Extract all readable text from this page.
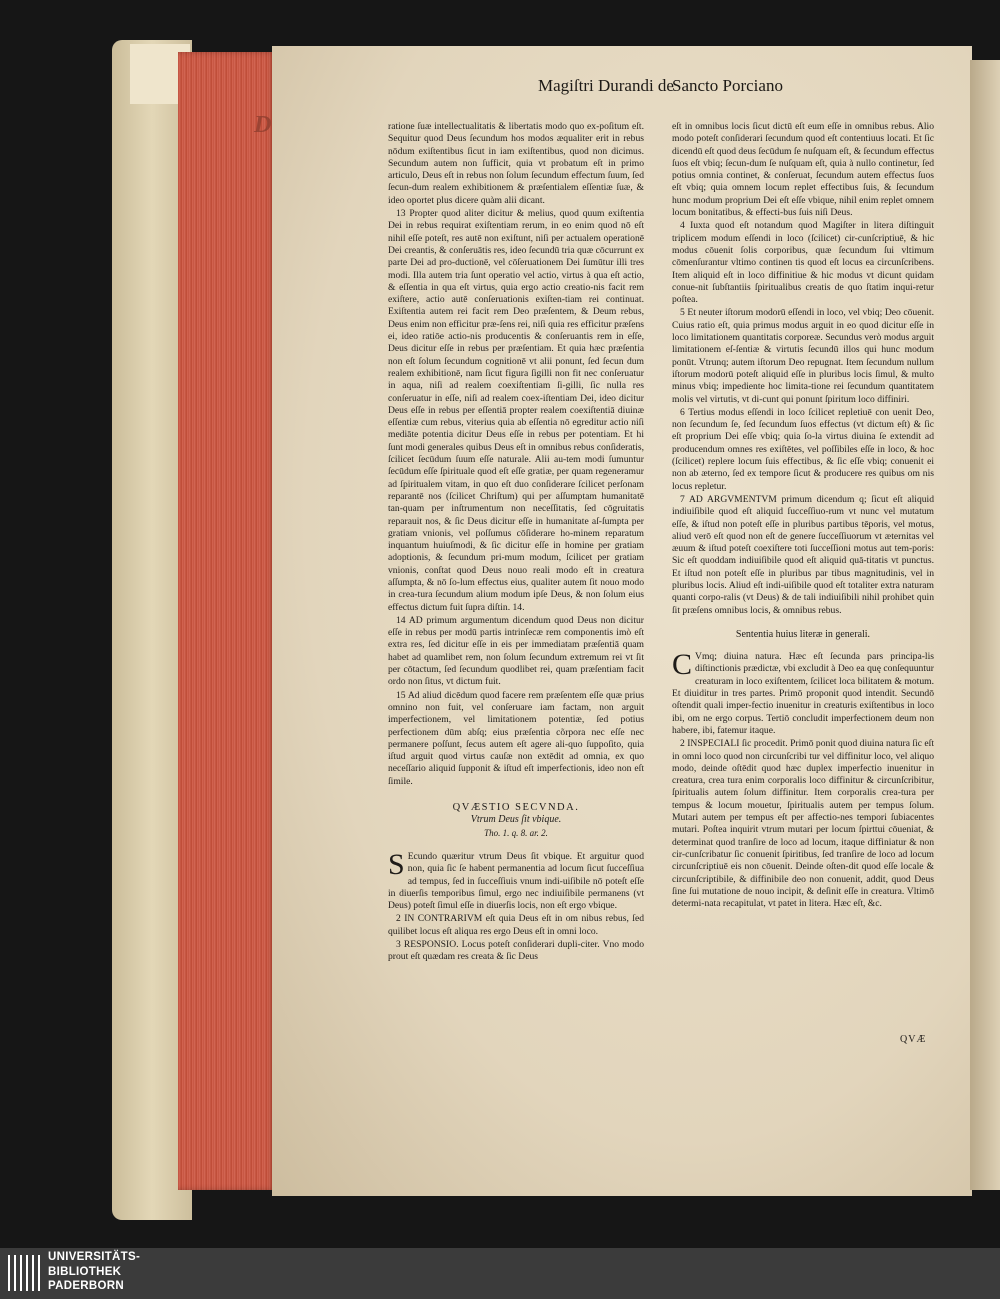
D
Magiſtri Durandi de
Sancto Porciano

ratione ſuæ intellectualitatis & libertatis modo quo ex-poſitum eſt. Sequitur quod Deus ſecundum hos modos æqualiter erit in rebus nōdum exiſtentibus ſicut in iam exiſtentibus, quod non dicimus. Secundum autem non ſufficit, quia vt probatum eſt in primo articulo, Deus eſt in rebus non ſolum ſecundum effectum ſuum, ſed ſecun-dum realem exhibitionem & præſentialem eſſentiæ ſuæ, & ideo oportet plus dicere quàm alii dicant.

13 Propter quod aliter dicitur & melius, quod quum exiſtentia Dei in rebus requirat exiſtentiam rerum, in eo enim quod nō eſt nihil eſſe poteſt, res autē non exiſtunt, niſi per actualem operationē Dei creantis, & conſeruātis res, ideo ſecundū tria quæ cōcurrunt ex parte Dei ad pro-ductionē, vel cōſeruationem Dei ſumūtur illi tres modi. Illa autem tria ſunt operatio vel actio, virtus à qua eſt actio, & eſſentia in qua eſt virtus, quia ergo actio creatio-nis facit rem exiſtere, actio autē conſeruationis exiſten-tiam rei continuat. Exiſtentia autem rei facit rem Deo præſentem, & Deum rebus, Deus enim non efficitur præ-ſens rei, niſi quia res efficitur præſens ei, ideo ratiōe actio-nis producentis & conſeruantis rem in eſſe, Deus dicitur eſſe in rebus per præſentiam. Et quia hæc præſentia non eſt ſolum ſecundum cognitionē vt alii ponunt, ſed ſecun dum realem exhibitionē, nam ſicut figura ſigilli non fit nec conſeruatur in aqua, niſi ad realem coexiſtentiam ſi-gilli, ſic nulla res conſeruatur in eſſe, niſi ad realem coex-iſtentiam Dei, ideo dicitur Deus eſſe in rebus per eſſentiā propter realem coexiſtentiā diuinæ eſſentiæ cum rebus, viterius quia ab eſſentia nō egreditur actio niſi mediāte potentia dicitur Deus eſſe in rebus per potentiam. Et hi ſunt modi generales quibus Deus eſt in omnibus rebus conſideratis, ſcilicet ſecūdum ſuum eſſe naturale. Alii au-tem modi ſumuntur ſecūdum eſſe ſpirituale quod eſt eſſe gratiæ, per quam regeneramur ad ſpiritualem vitam, in quo eſt duo conſiderare ſcilicet perſonam reparantē nos (ſcilicet Chriſtum) qui per aſſumptam humanitatē tan-quam per inſtrumentum non neceſſitatis, ſed cōgruitatis reparauit nos, & ſic Deus dicitur eſſe in humanitate aſ-ſumpta per gratiam vnionis, vel poſſumus cōſiderare ho-minem reparatum inquantum huiuſmodi, & ſic dicitur eſſe in homine per gratiam adoptionis, & ſecundum pri-mum modum, ſcilicet per gratiam vnionis, conſtat quod Deus nouo reali modo eſt in creatura aſſumpta, & nō ſo-lum effectus eius, qualiter autem ſit nouo modo in crea-tura ſecundum alium modum ipſe Deus, & non ſolum eius effectus dictum fuit ſupra diſtin. 14.

14 AD primum argumentum dicendum quod Deus non dicitur eſſe in rebus per modū partis intrinſecæ rem componentis imò eſt extra res, ſed dicitur eſſe in eis per immediatam præſentiā quam habet ad quamlibet rem, non ſolum ſecundum extremum rei vt ſit per cōtactum, ſed ſecundum quodlibet rei, quam præſentiam facit ordo non ſitus, vt dictum fuit.

15 Ad aliud dicēdum quod facere rem præſentem eſſe quæ prius omnino non fuit, vel conſeruare iam factam, non arguit imperfectionem, vel limitationem potentiæ, ſed potius perfectionem dūm abſq; eius præſentia cõrpora nec eſſe nec permanere poſſunt, ſecus autem eſt agere ali-quo ſuppoſito, quia iſtud arguit quod virtus cauſæ non extēdit ad omnia, ex quo neceſſario aliquid ſupponit & iſtud eſt imperfectionis, ideo non eſt ſimile.

QVÆSTIO SECVNDA.
Vtrum Deus ſit vbique.
Tho. 1. q. 8. ar. 2.

S Ecundo quæritur vtrum Deus ſit vbique. Et arguitur quod non, quia ſic ſe habent permanentia ad locum ſicut ſucceſſiua ad tempus, ſed in ſucceſſiuis vnum indi-uiſibile nō poteſt eſſe in diuerſis temporibus ſimul, ergo nec indiuiſibile permanens (vt Deus) poteſt ſimul eſſe in diuerſis locis, non eſt ergo vbique.

2 IN CONTRARIVM eſt quia Deus eſt in om nibus rebus, ſed quilibet locus eſt aliqua res ergo Deus eſt in omni loco.

3 RESPONSIO. Locus poteſt conſiderari dupli-citer. Vno modo prout eſt quædam res creata & ſic Deus

eſt in omnibus locis ſicut dictū eſt eum eſſe in omnibus rebus. Alio modo poteſt conſiderari ſecundum quod eſt contentiuus locati. Et ſic dicendū eſt quod deus ſecūdum ſe nuſquam eſt, & ſecundum effectus ſuos eſt vbiq; ſecun-dum ſe nuſquam eſt, quia à nullo continetur, ſed potius omnia continet, & conſeruat, ſecundum autem effectus ſuos eſt vbiq; quia omnem locum replet effectibus ſuis, & ſecundum hunc modum proprium Dei eſt eſſe vbique, nihil enim replet omnem locum bonitatibus, & effecti-bus ſuis niſi Deus.

4 Iuxta quod eſt notandum quod Magiſter in litera diſtinguit triplicem modum eſſendi in loco (ſcilicet) cir-cunſcriptiuē, & hic modus cōuenit ſolis corporibus, quæ ſecundum ſui vltimum cōmenſurantur vltimo continen tis quod eſt locus ea circunſcribens. Item aliquid eſt in loco diffinitiue & hic modus vt dicunt quidam conue-nit ſubſtantiis ſpiritualibus creatis de quo ſtatim inqui-retur poſtea.

5 Et neuter iſtorum modorū eſſendi in loco, vel vbiq; Deo cōuenit. Cuius ratio eſt, quia primus modus arguit in eo quod dicitur eſſe in loco limitationem quantitatis corporeæ. Secundus verò modus arguit limitationem eſ-ſentiæ & virtutis ſecundū illos qui hunc modum ponūt. Vtrunq; autem iſtorum Deo repugnat. Item ſecundum nullum iſtorum modorū poteſt aliquid eſſe in pluribus locis ſimul, & multo minus vbiq; impediente hoc limita-tione rei ſecundum quantitatem molis vel virtutis, vt di-cunt qui ponunt ſpiritum loco diffiniri.

6 Tertius modus eſſendi in loco ſcilicet repletiuē con uenit Deo, non ſecundum ſe, ſed ſecundum ſuos effectus (vt dictum eſt) & ſic eſt proprium Dei eſſe vbiq; quia ſo-la virtus diuina ſe extendit ad producendum omnes res exiſtētes, vel poſſibiles eſſe in loco, & hoc (ſcilicet) replere locum ſuis effectibus, & ſic eſſe vbiq; conuenit ei non ab æterno, ſed ex tempore ſicut & producere res quibus om nis locus repletur.

7 AD ARGVMENTVM primum dicendum q; ſicut eſt aliquid indiuiſibile quod eſt aliquid ſucceſſiuo-rum vt nunc vel mutatum eſſe, & iſtud non poteſt eſſe in pluribus partibus tēporis, vel motus, aliud verō eſt quod non eſt de genere ſucceſſiuorum vt æternitas vel æuum & iſtud poteſt coexiſtere toti ſucceſſioni motus aut tem-poris: Sic eſt quoddam indiuiſibile quod eſt aliquid quā-titatis vt punctus. Et iſtud non poteſt eſſe in pluribus par tibus magnitudinis, vel in pluribus locis. Aliud eſt indi-uiſibile quod eſt totaliter extra naturam quanti corpo-ralis (vt Deus) & de tali indiuiſibili nihil prohibet quin ſit præſens omnibus locis, & omnibus rebus.

Sententia huius literæ in generali.

C Vmq; diuina natura. Hæc eſt ſecunda pars principa-lis diſtinctionis prædictæ, vbi excludit à Deo ea quę conſequuntur creaturam in loco exiſtentem, ſcilicet loca bilitatem & motum. Et diuiditur in tres partes. Primō proponit quod intendit. Secundō oſtendit quali imper-fectio inuenitur in creaturis exiſtentibus in loco ibi, om ne ergo corpus. Tertiō concludit imperfectionem deum non habere, ibi, fatemur itaque.

2 INSPECIALI ſic procedit. Primō ponit quod diuina natura ſic eſt in omni loco quod non circunſcribi tur vel diffinitur loco, vel aliquo modo, deinde oſtēdit quod hæc duplex imperfectio inuenitur in creatura, crea tura enim corporalis loco diffinitur & circunſcribitur, ſpiritualis autem ſolum diffinitur. Item corporalis crea-tura per tempus & locum mouetur, ſpiritualis autem per tempus ſolum. Mutari autem per tempus eſt per affectio-nes tempori ſubiacentes mutari. Poſtea inquirit vtrum mutari per locum ſpirttui cōueniat, & determinat quod tranſire de loco ad locum, itaque diffiniatur & non cir-cunſcribatur ſic conuenit ſpiritibus, ſed tranſire de loco ad locum circunſcriptiuē eis non cōuenit. Deinde oſten-dit quod eſſe locale & circunſcriptibile, & diffinibile deo non conuenit, addit, quod Deus ſine ſui mutatione de nouo incipit, & deſinit eſſe in creatura. Vltimō determi-nata recapitulat, vt patet in litera. Hæc eſt, &c.

QVÆ
UNIVERSITÄTS-
BIBLIOTHEK
PADERBORN
